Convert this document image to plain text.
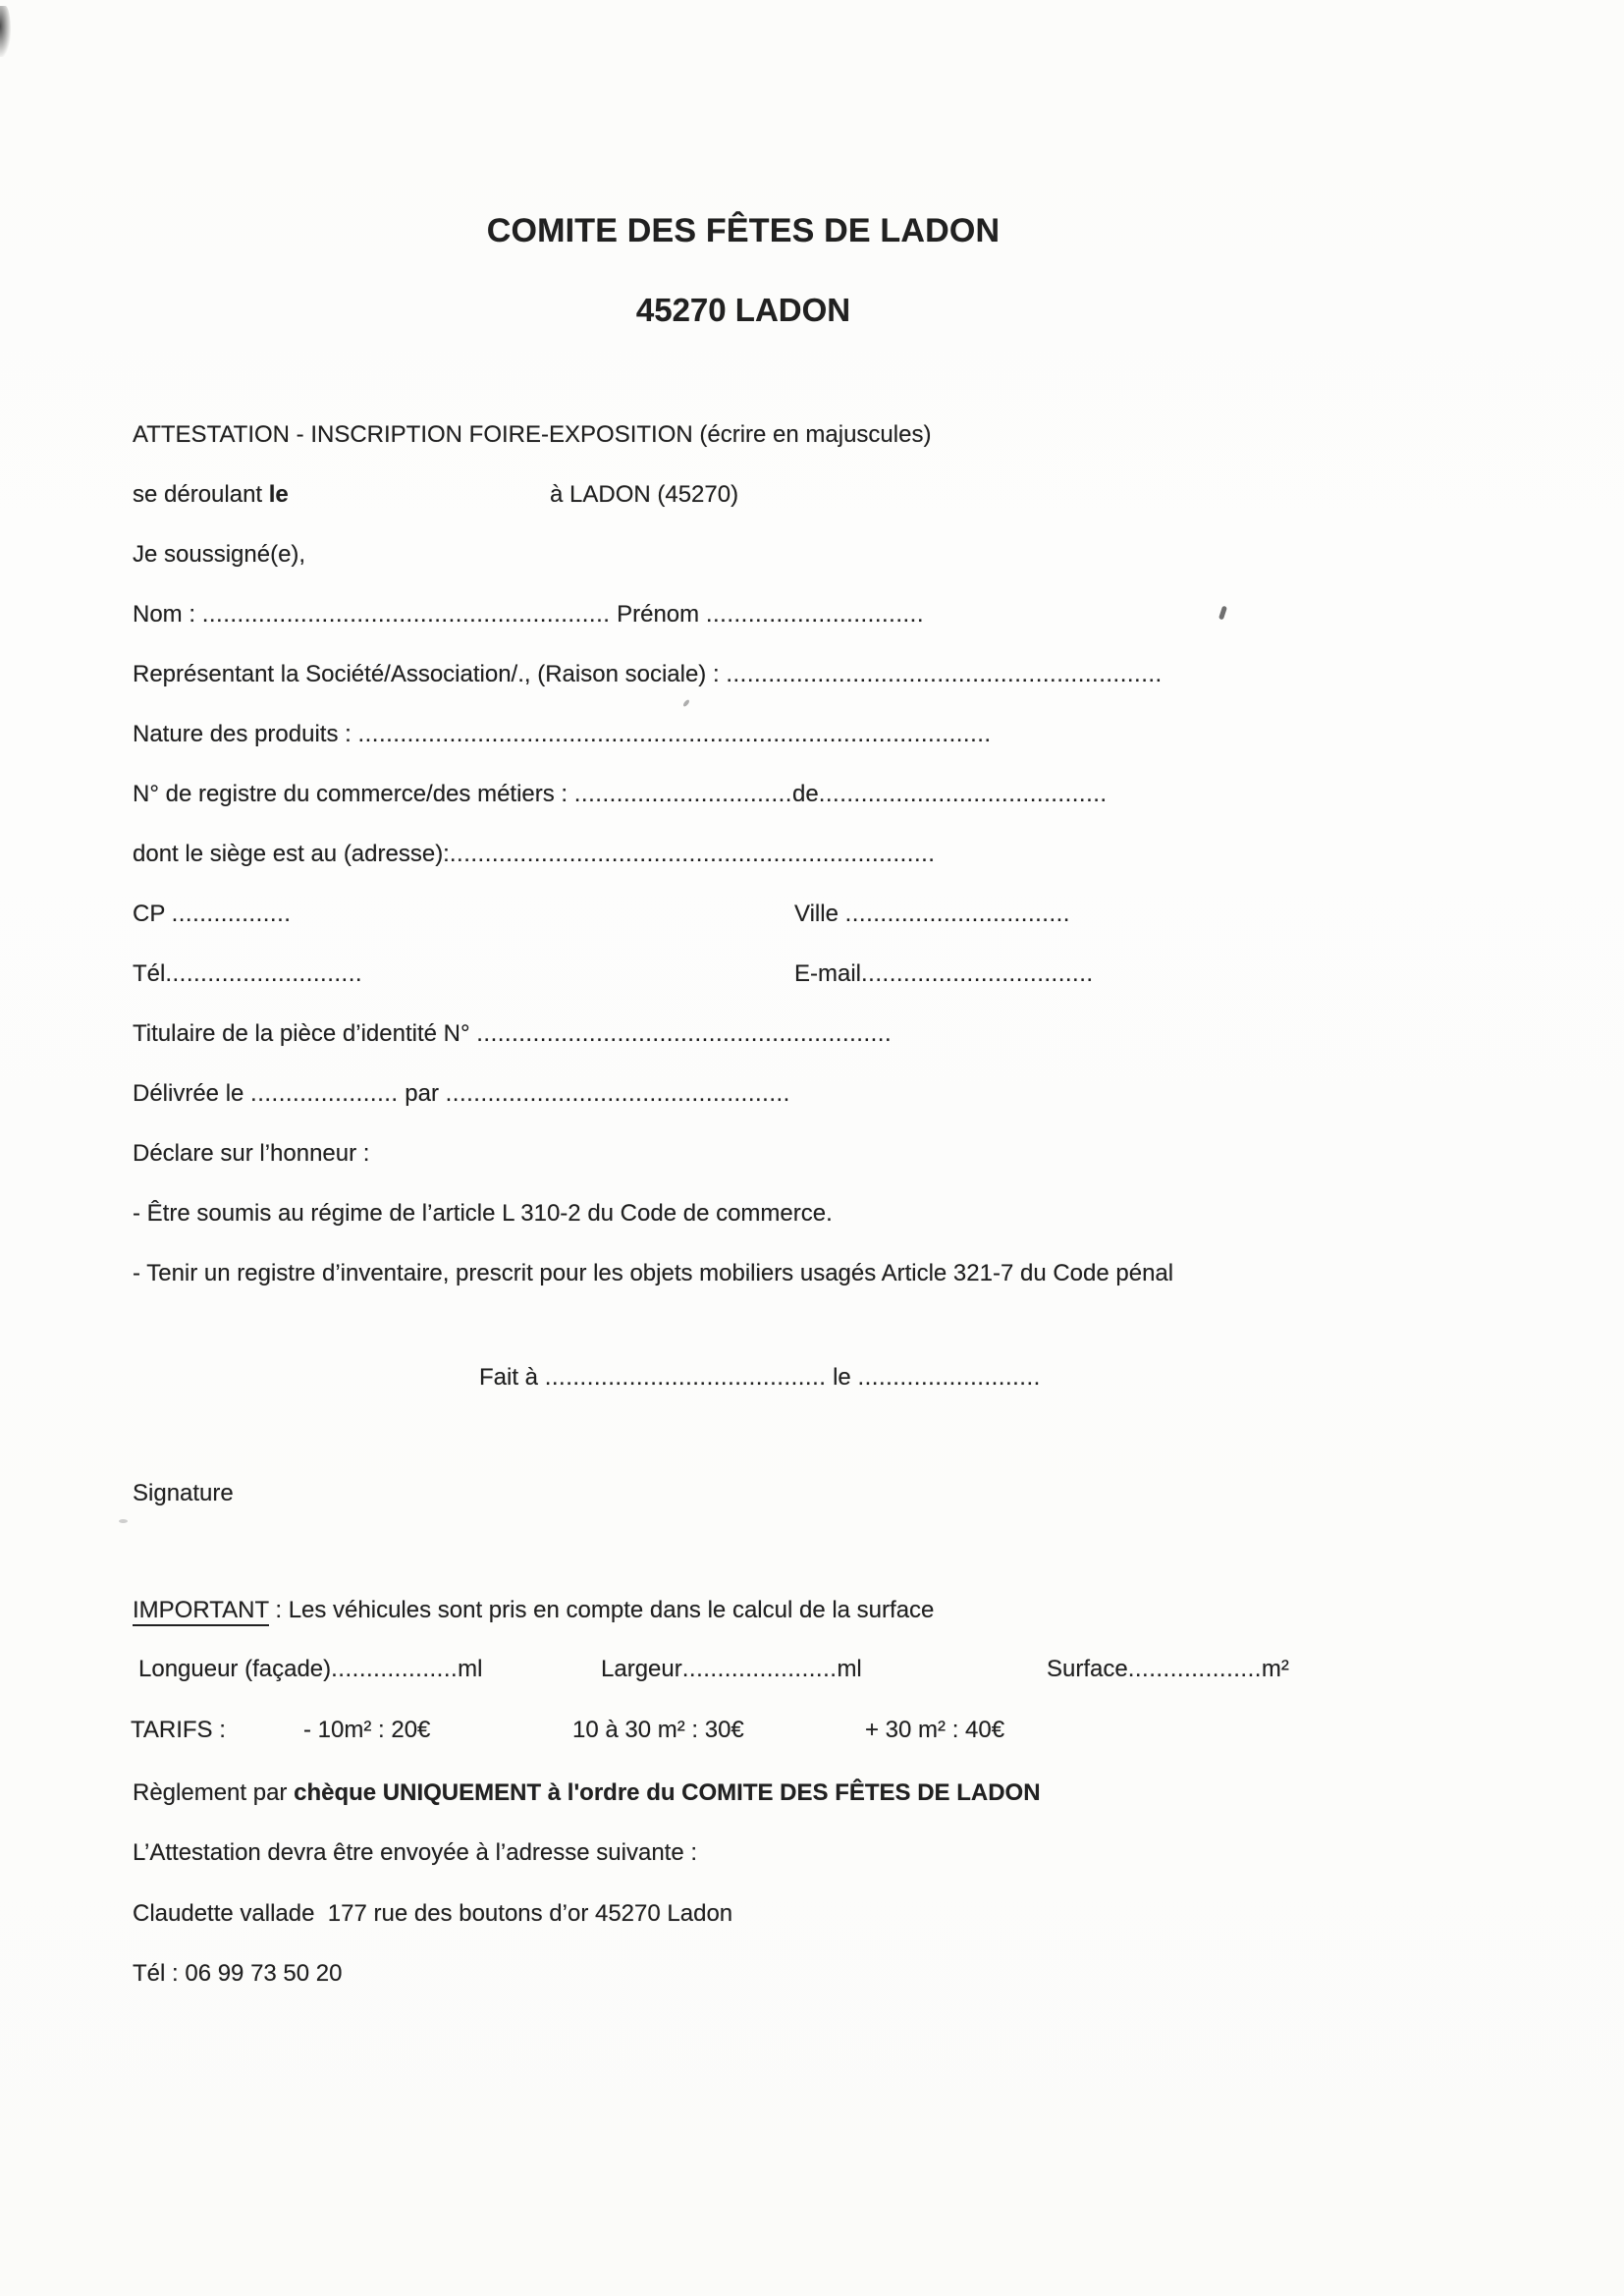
COMITE DES FÊTES DE LADON

45270 LADON

ATTESTATION - INSCRIPTION FOIRE-EXPOSITION (écrire en majuscules)

se déroulant le	à LADON (45270)

Je soussigné(e),

Nom : .......................................................... Prénom ...............................

Représentant la Société/Association/., (Raison sociale) : ..............................................................

Nature des produits : ..........................................................................................

N° de registre du commerce/des métiers : ...............................de.........................................

dont le siège est au (adresse):.....................................................................

CP .................	Ville ................................

Tél............................	E-mail.................................

Titulaire de la pièce d’identité N° ...........................................................

Délivrée le ..................... par .................................................

Déclare sur l’honneur :

- Être soumis au régime de l’article L 310-2 du Code de commerce.

- Tenir un registre d’inventaire, prescrit pour les objets mobiliers usagés Article 321-7 du Code pénal

Fait à ........................................ le ..........................

Signature

IMPORTANT : Les véhicules sont pris en compte dans le calcul de la surface

Longueur (façade)..................ml	Largeur......................ml	Surface...................m²

TARIFS :	- 10m² : 20€	10 à 30 m² : 30€	+ 30 m² : 40€

Règlement par chèque UNIQUEMENT à l'ordre du COMITE DES FÊTES DE LADON

L’Attestation devra être envoyée à l’adresse suivante :

Claudette vallade  177 rue des boutons d’or 45270 Ladon

Tél : 06 99 73 50 20
